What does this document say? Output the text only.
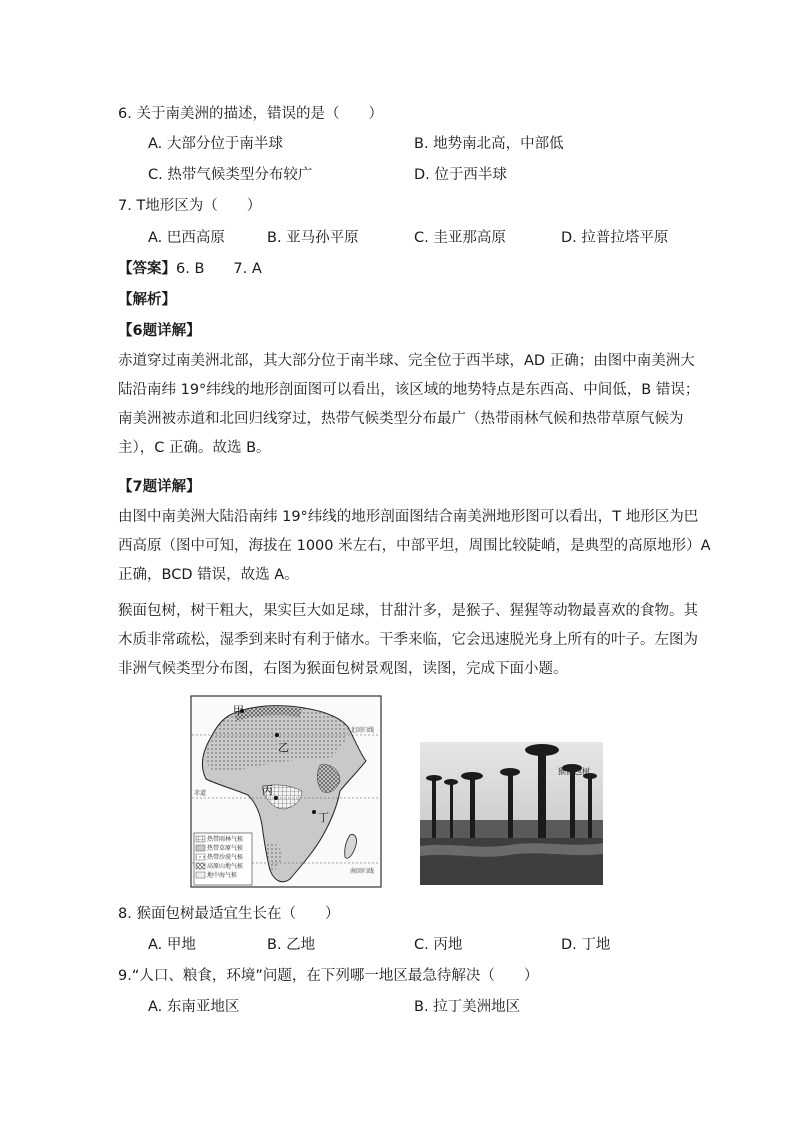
6. 关于南美洲的描述，错误的是（　　）
A. 大部分位于南半球	B. 地势南北高，中部低
C. 热带气候类型分布较广	D. 位于西半球
7. T地形区为（　　）
A. 巴西高原	B. 亚马孙平原	C. 圭亚那高原	D. 拉普拉塔平原
【答案】6. B　　7. A
【解析】
【6题详解】
赤道穿过南美洲北部，其大部分位于南半球、完全位于西半球，AD 正确；由图中南美洲大
陆沿南纬 19°纬线的地形剖面图可以看出，该区域的地势特点是东西高、中间低，B 错误；
南美洲被赤道和北回归线穿过，热带气候类型分布最广（热带雨林气候和热带草原气候为
主），C 正确。故选 B。
【7题详解】
由图中南美洲大陆沿南纬 19°纬线的地形剖面图结合南美洲地形图可以看出，T 地形区为巴
西高原（图中可知，海拔在 1000 米左右，中部平坦，周围比较陡峭，是典型的高原地形）A
正确，BCD 错误，故选 A。
猴面包树，树干粗大，果实巨大如足球，甘甜汁多，是猴子、猩猩等动物最喜欢的食物。其
木质非常疏松，湿季到来时有利于储水。干季来临，它会迅速脱光身上所有的叶子。左图为
非洲气候类型分布图，右图为猴面包树景观图，读图，完成下面小题。
北回归线
赤道
南回归线
甲
乙
丙
丁
热带雨林气候
热带草原气候
热带沙漠气候
高原山地气候
地中海气候
猴面包树
8. 猴面包树最适宜生长在（　　）
A. 甲地	B. 乙地	C. 丙地	D. 丁地
9.“人口、粮食，环境”问题，在下列哪一地区最急待解决（　　）
A. 东南亚地区	B. 拉丁美洲地区
